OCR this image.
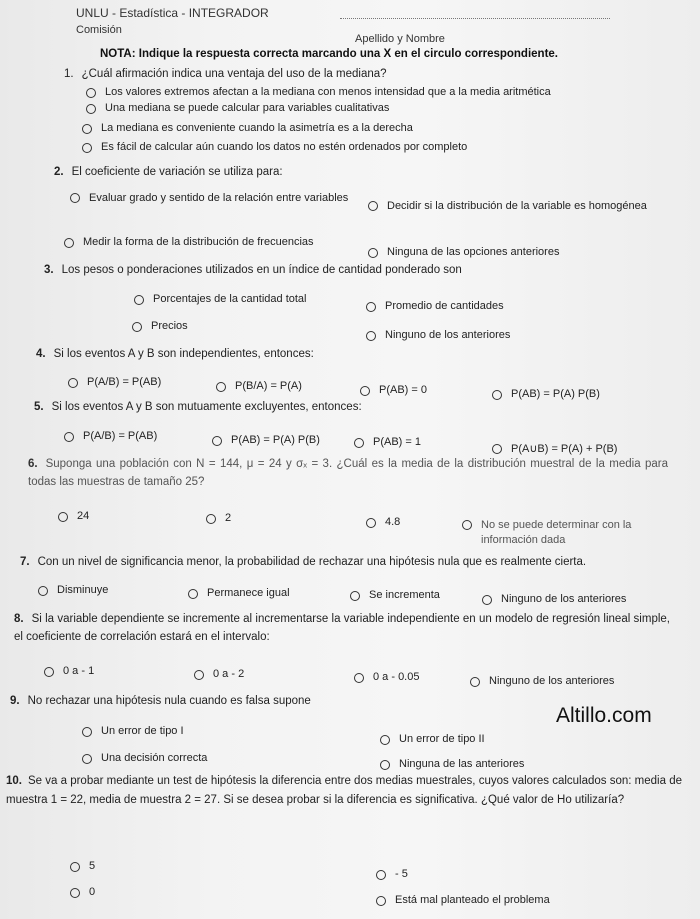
UNLU - Estadística - INTEGRADOR
Comisión
Apellido y Nombre
NOTA: Indique la respuesta correcta marcando una X en el circulo correspondiente.
1. ¿Cuál afirmación indica una ventaja del uso de la mediana?
Los valores extremos afectan a la mediana con menos intensidad que a la media aritmética
Una mediana se puede calcular para variables cualitativas
La mediana es conveniente cuando la asimetría es a la derecha
Es fácil de calcular aún cuando los datos no estén ordenados por completo
2. El coeficiente de variación se utiliza para:
Evaluar grado y sentido de la relación entre variables
Decidir si la distribución de la variable es homogénea
Medir la forma de la distribución de frecuencias
Ninguna de las opciones anteriores
3. Los pesos o ponderaciones utilizados en un índice de cantidad ponderado son
Porcentajes de la cantidad total
Promedio de cantidades
Precios
Ninguno de los anteriores
4. Si los eventos A y B son independientes, entonces:
P(A/B) = P(AB)	P(B/A) = P(A)	P(AB) = 0	P(AB) = P(A) P(B)
5. Si los eventos A y B son mutuamente excluyentes, entonces:
P(A/B) = P(AB)	P(AB) = P(A) P(B)	P(AB) = 1
P(A∪B) = P(A) + P(B)
6. Suponga una población con N = 144, μ = 24 y σₓ = 3. ¿Cuál es la media de la distribución muestral de la media para todas las muestras de tamaño 25?
24	2	4.8	No se puede determinar con la información dada
7. Con un nivel de significancia menor, la probabilidad de rechazar una hipótesis nula que es realmente cierta.
Disminuye	Permanece igual	Se incrementa	Ninguno de los anteriores
8. Si la variable dependiente se incremente al incrementarse la variable independiente en un modelo de regresión lineal simple, el coeficiente de correlación estará en el intervalo:
0 a - 1	0 a - 2	0 a - 0.05	Ninguno de los anteriores
9. No rechazar una hipótesis nula cuando es falsa supone
Un error de tipo I
Un error de tipo II
Una decisión correcta	Ninguna de las anteriores
Altillo.com
10. Se va a probar mediante un test de hipótesis la diferencia entre dos medias muestrales, cuyos valores calculados son: media de muestra 1 = 22, media de muestra 2 = 27. Si se desea probar si la diferencia es significativa. ¿Qué valor de Ho utilizaría?
5
- 5
0
Está mal planteado el problema
